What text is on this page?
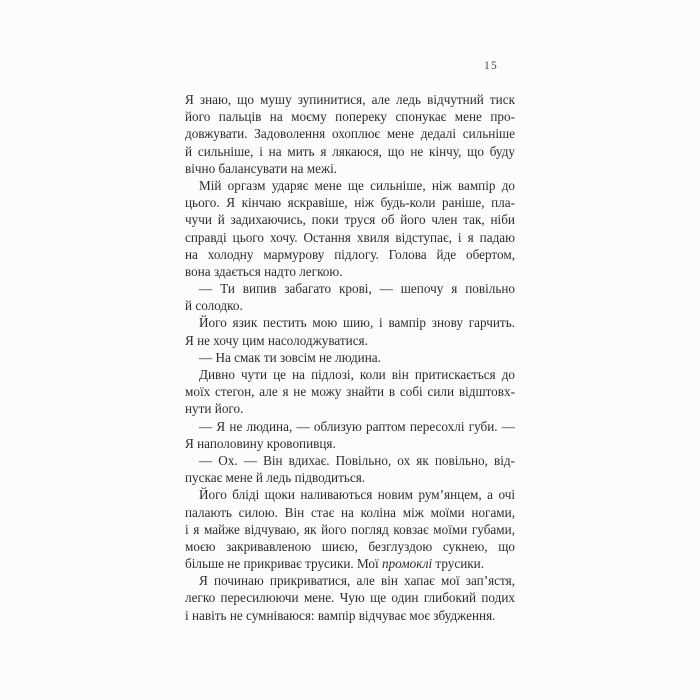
15
Я знаю, що мушу зупинитися, але ледь відчутний тиск
його пальців на моєму попереку спонукає мене про-
довжувати. Задоволення охоплює мене дедалі сильніше
й сильніше, і на мить я лякаюся, що не кінчу, що буду
вічно балансувати на межі.
Мій оргазм ударяє мене ще сильніше, ніж вампір до
цього. Я кінчаю яскравіше, ніж будь-коли раніше, пла-
чучи й задихаючись, поки труся об його член так, ніби
справді цього хочу. Остання хвиля відступає, і я падаю
на холодну мармурову підлогу. Голова йде обертом,
вона здається надто легкою.
— Ти випив забагато крові, — шепочу я повільно
й солодко.
Його язик пестить мою шию, і вампір знову гарчить.
Я не хочу цим насолоджуватися.
— На смак ти зовсім не людина.
Дивно чути це на підлозі, коли він притискається до
моїх стегон, але я не можу знайти в собі сили відштовх-
нути його.
— Я не людина, — облизую раптом пересохлі губи. —
Я наполовину кровопивця.
— Ох. — Він вдихає. Повільно, ох як повільно, від-
пускає мене й ледь підводиться.
Його бліді щоки наливаються новим рум’янцем, а очі
палають силою. Він стає на коліна між моїми ногами,
і я майже відчуваю, як його погляд ковзає моїми губами,
моєю закривавленою шиєю, безглуздою сукнею, що
більше не прикриває трусики. Мої промоклі трусики.
Я починаю прикриватися, але він хапає мої зап’ястя,
легко пересилюючи мене. Чую ще один глибокий подих
і навіть не сумніваюся: вампір відчуває моє збудження.
